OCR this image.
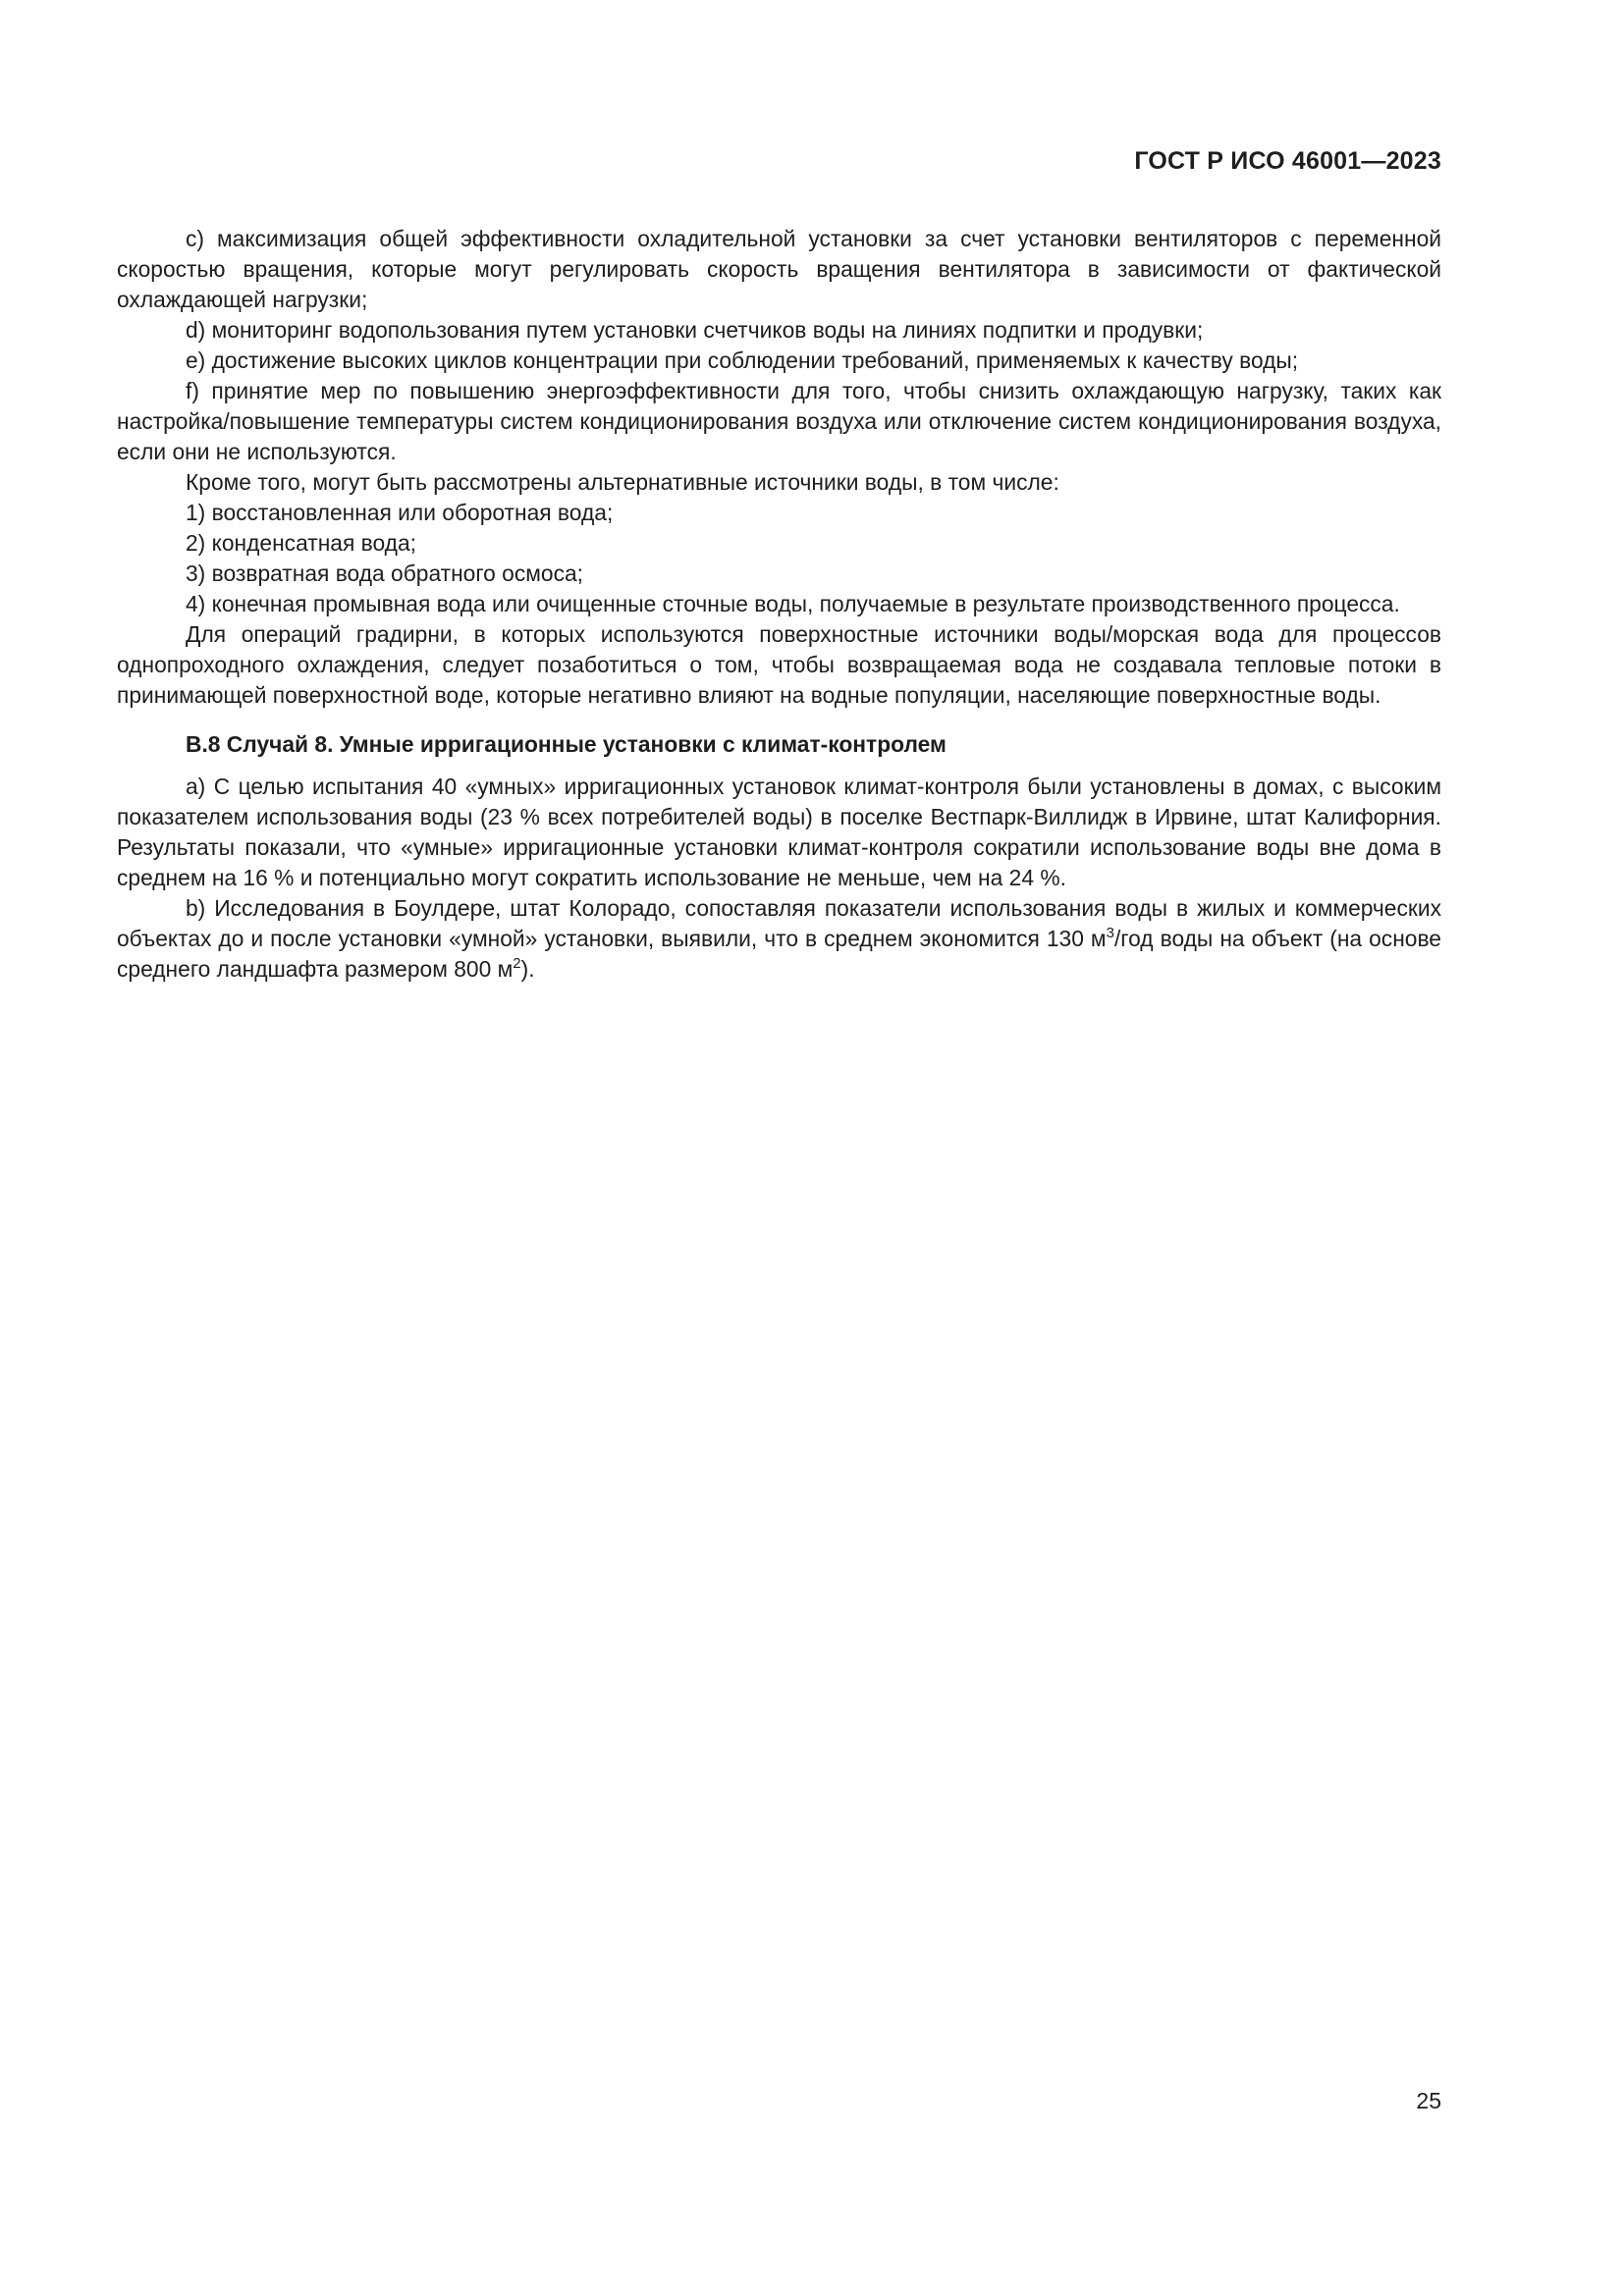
ГОСТ Р ИСО 46001—2023

c) максимизация общей эффективности охладительной установки за счет установки вентиляторов с переменной скоростью вращения, которые могут регулировать скорость вращения вентилятора в зависимости от фактической охлаждающей нагрузки;

d) мониторинг водопользования путем установки счетчиков воды на линиях подпитки и продувки;

e) достижение высоких циклов концентрации при соблюдении требований, применяемых к качеству воды;

f) принятие мер по повышению энергоэффективности для того, чтобы снизить охлаждающую нагрузку, таких как настройка/повышение температуры систем кондиционирования воздуха или отключение систем кондиционирования воздуха, если они не используются.

Кроме того, могут быть рассмотрены альтернативные источники воды, в том числе:

1) восстановленная или оборотная вода;

2) конденсатная вода;

3) возвратная вода обратного осмоса;

4) конечная промывная вода или очищенные сточные воды, получаемые в результате производственного процесса.

Для операций градирни, в которых используются поверхностные источники воды/морская вода для процессов однопроходного охлаждения, следует позаботиться о том, чтобы возвращаемая вода не создавала тепловые потоки в принимающей поверхностной воде, которые негативно влияют на водные популяции, населяющие поверхностные воды.

В.8 Случай 8. Умные ирригационные установки с климат-контролем

a) С целью испытания 40 «умных» ирригационных установок климат-контроля были установлены в домах, с высоким показателем использования воды (23 % всех потребителей воды) в поселке Вестпарк-Виллидж в Ирвине, штат Калифорния. Результаты показали, что «умные» ирригационные установки климат-контроля сократили использование воды вне дома в среднем на 16 % и потенциально могут сократить использование не меньше, чем на 24 %.

b) Исследования в Боулдере, штат Колорадо, сопоставляя показатели использования воды в жилых и коммерческих объектах до и после установки «умной» установки, выявили, что в среднем экономится 130 $м^3$/год воды на объект (на основе среднего ландшафта размером 800 $м^2$).

25
